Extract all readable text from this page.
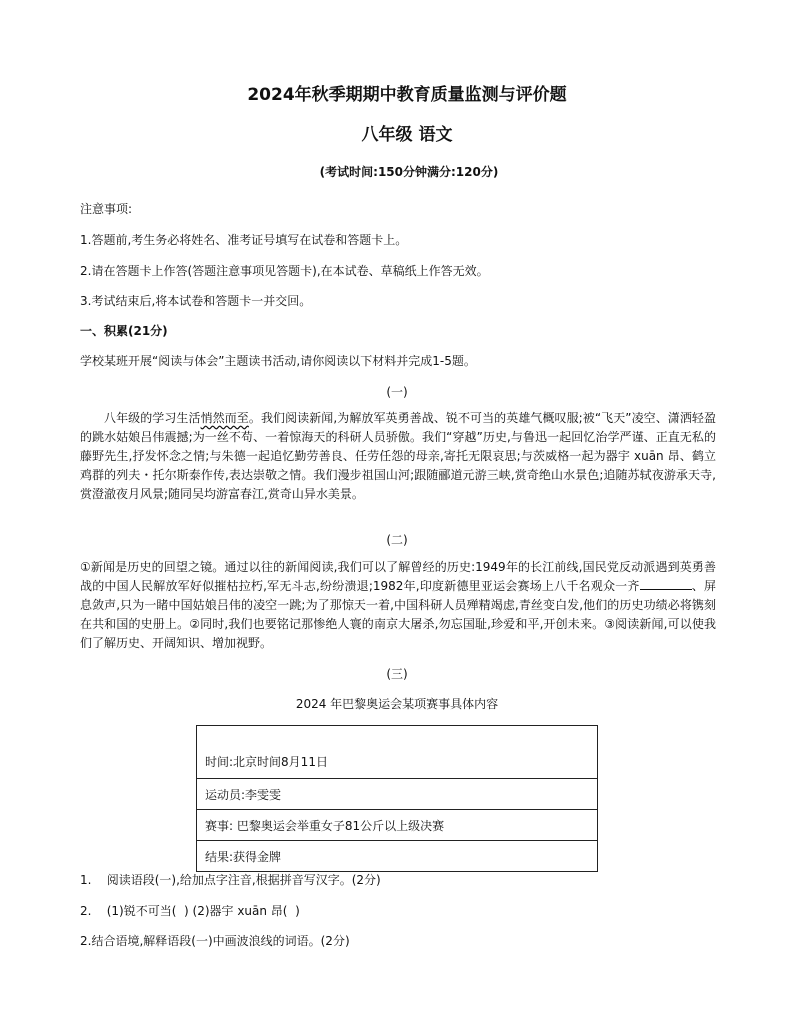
2024年秋季期期中教育质量监测与评价题
八年级 语文
(考试时间:150分钟满分:120分)
注意事项:
1.答题前,考生务必将姓名、准考证号填写在试卷和答题卡上。
2.请在答题卡上作答(答题注意事项见答题卡),在本试卷、草稿纸上作答无效。
3.考试结束后,将本试卷和答题卡一并交回。
一、积累(21分)
学校某班开展“阅读与体会”主题读书活动,请你阅读以下材料并完成1-5题。
(一)

八年级的学习生活悄然而至。我们阅读新闻,为解放军英勇善战、锐不可当的英雄气概叹服;被“飞天”凌空、潇洒轻盈的跳水姑娘吕伟震撼;为一丝不苟、一着惊海天的科研人员骄傲。我们“穿越”历史,与鲁迅一起回忆治学严谨、正直无私的藤野先生,抒发怀念之情;与朱德一起追忆勤劳善良、任劳任怨的母亲,寄托无限哀思;与茨威格一起为器宇 xuān 昂、鹤立鸡群的列夫・托尔斯泰作传,表达崇敬之情。我们漫步祖国山河;跟随郦道元游三峡,赏奇绝山水景色;追随苏轼夜游承天寺,赏澄澈夜月风景;随同吴均游富春江,赏奇山异水美景。

(二)

①新闻是历史的回望之镜。通过以往的新闻阅读,我们可以了解曾经的历史:1949年的长江前线,国民党反动派遇到英勇善战的中国人民解放军好似摧枯拉朽,军无斗志,纷纷溃退;1982年,印度新德里亚运会赛场上八千名观众一齐	、屏息敛声,只为一睹中国姑娘吕伟的凌空一跳;为了那惊天一着,中国科研人员殚精竭虑,青丝变白发,他们的历史功绩必将镌刻在共和国的史册上。②同时,我们也要铭记那惨绝人寰的南京大屠杀,勿忘国耻,珍爱和平,开创未来。③阅读新闻,可以使我们了解历史、开阔知识、增加视野。

(三)
2024 年巴黎奥运会某项赛事具体内容
时间:北京时间8月11日
运动员:李雯雯
赛事: 巴黎奥运会举重女子81公斤以上级决赛
结果:获得金牌
1.    阅读语段(一),给加点字注音,根据拼音写汉字。(2分)
2.    (1)锐不可当(  ) (2)器宇 xuān 昂(  )
2.结合语境,解释语段(一)中画波浪线的词语。(2分)
